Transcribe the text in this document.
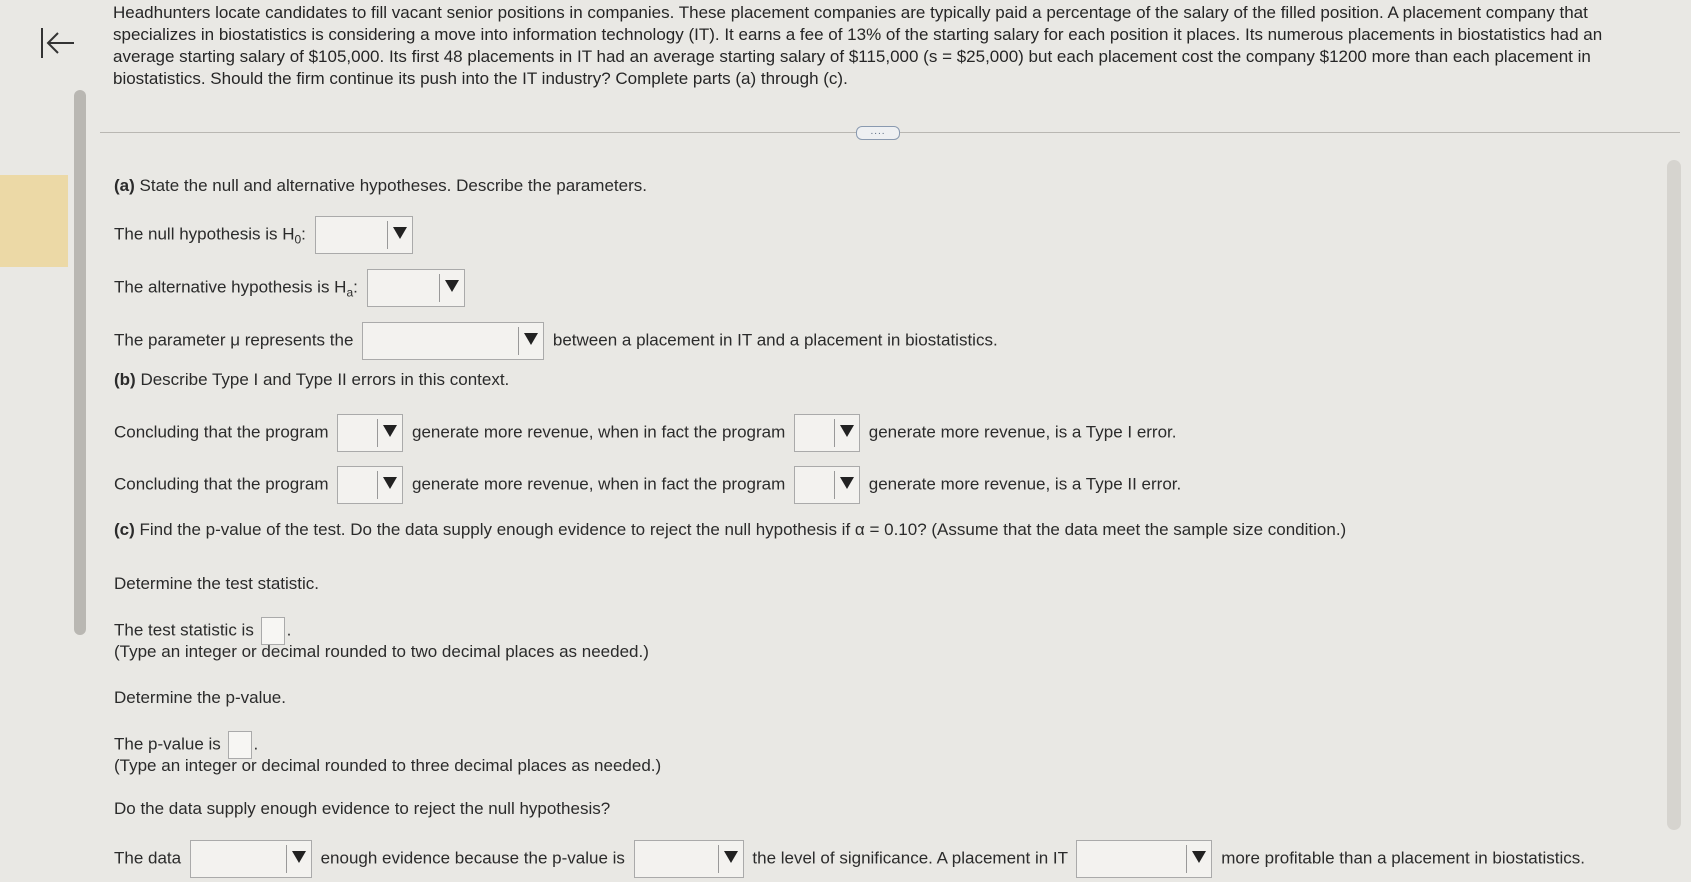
Headhunters locate candidates to fill vacant senior positions in companies. These placement companies are typically paid a percentage of the salary of the filled position. A placement company that specializes in biostatistics is considering a move into information technology (IT). It earns a fee of 13% of the starting salary for each position it places. Its numerous placements in biostatistics had an average starting salary of $105,000. Its first 48 placements in IT had an average starting salary of $115,000 (s = $25,000) but each placement cost the company $1200 more than each placement in biostatistics. Should the firm continue its push into the IT industry? Complete parts (a) through (c).
....
(a) State the null and alternative hypotheses. Describe the parameters.
The null hypothesis is $H_0$:
The alternative hypothesis is $H_a$:
The parameter μ represents the	between a placement in IT and a placement in biostatistics.
(b) Describe Type I and Type II errors in this context.
Concluding that the program	generate more revenue, when in fact the program	generate more revenue, is a Type I error.
Concluding that the program	generate more revenue, when in fact the program	generate more revenue, is a Type II error.
(c) Find the p-value of the test. Do the data supply enough evidence to reject the null hypothesis if α = 0.10? (Assume that the data meet the sample size condition.)
Determine the test statistic.
The test statistic is .
(Type an integer or decimal rounded to two decimal places as needed.)
Determine the p-value.
The p-value is .
(Type an integer or decimal rounded to three decimal places as needed.)
Do the data supply enough evidence to reject the null hypothesis?
The data	enough evidence because the p-value is	the level of significance. A placement in IT	more profitable than a placement in biostatistics.
